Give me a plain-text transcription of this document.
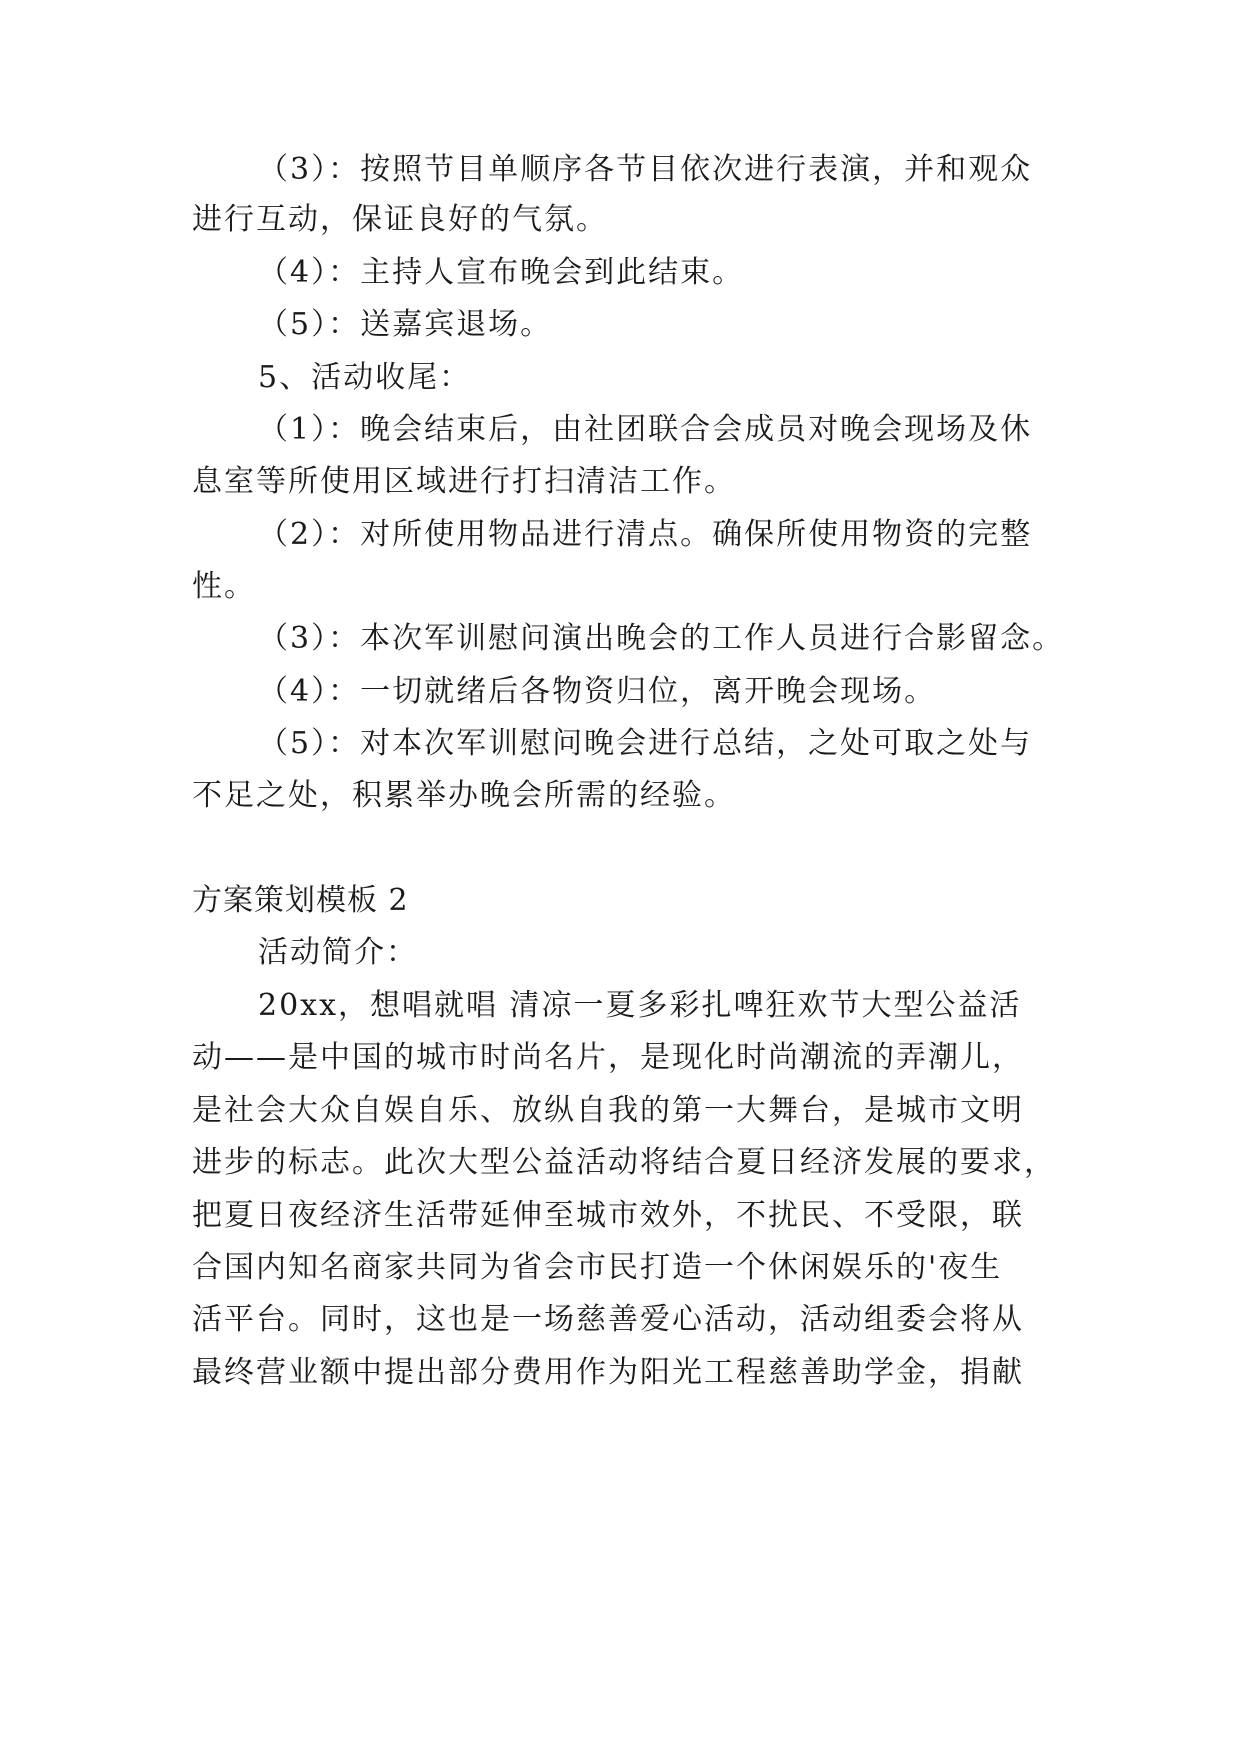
（3）：按照节目单顺序各节目依次进行表演，并和观众
进行互动，保证良好的气氛。
（4）：主持人宣布晚会到此结束。
（5）：送嘉宾退场。
5、活动收尾：
（1）：晚会结束后，由社团联合会成员对晚会现场及休
息室等所使用区域进行打扫清洁工作。
（2）：对所使用物品进行清点。确保所使用物资的完整
性。
（3）：本次军训慰问演出晚会的工作人员进行合影留念。
（4）：一切就绪后各物资归位，离开晚会现场。
（5）：对本次军训慰问晚会进行总结，之处可取之处与
不足之处，积累举办晚会所需的经验。
方案策划模板 2
活动简介：
20xx，想唱就唱 清凉一夏多彩扎啤狂欢节大型公益活
动——是中国的城市时尚名片，是现化时尚潮流的弄潮儿，
是社会大众自娱自乐、放纵自我的第一大舞台，是城市文明
进步的标志。此次大型公益活动将结合夏日经济发展的要求，
把夏日夜经济生活带延伸至城市效外，不扰民、不受限，联
合国内知名商家共同为省会市民打造一个休闲娱乐的'夜生
活平台。同时，这也是一场慈善爱心活动，活动组委会将从
最终营业额中提出部分费用作为阳光工程慈善助学金，捐献
